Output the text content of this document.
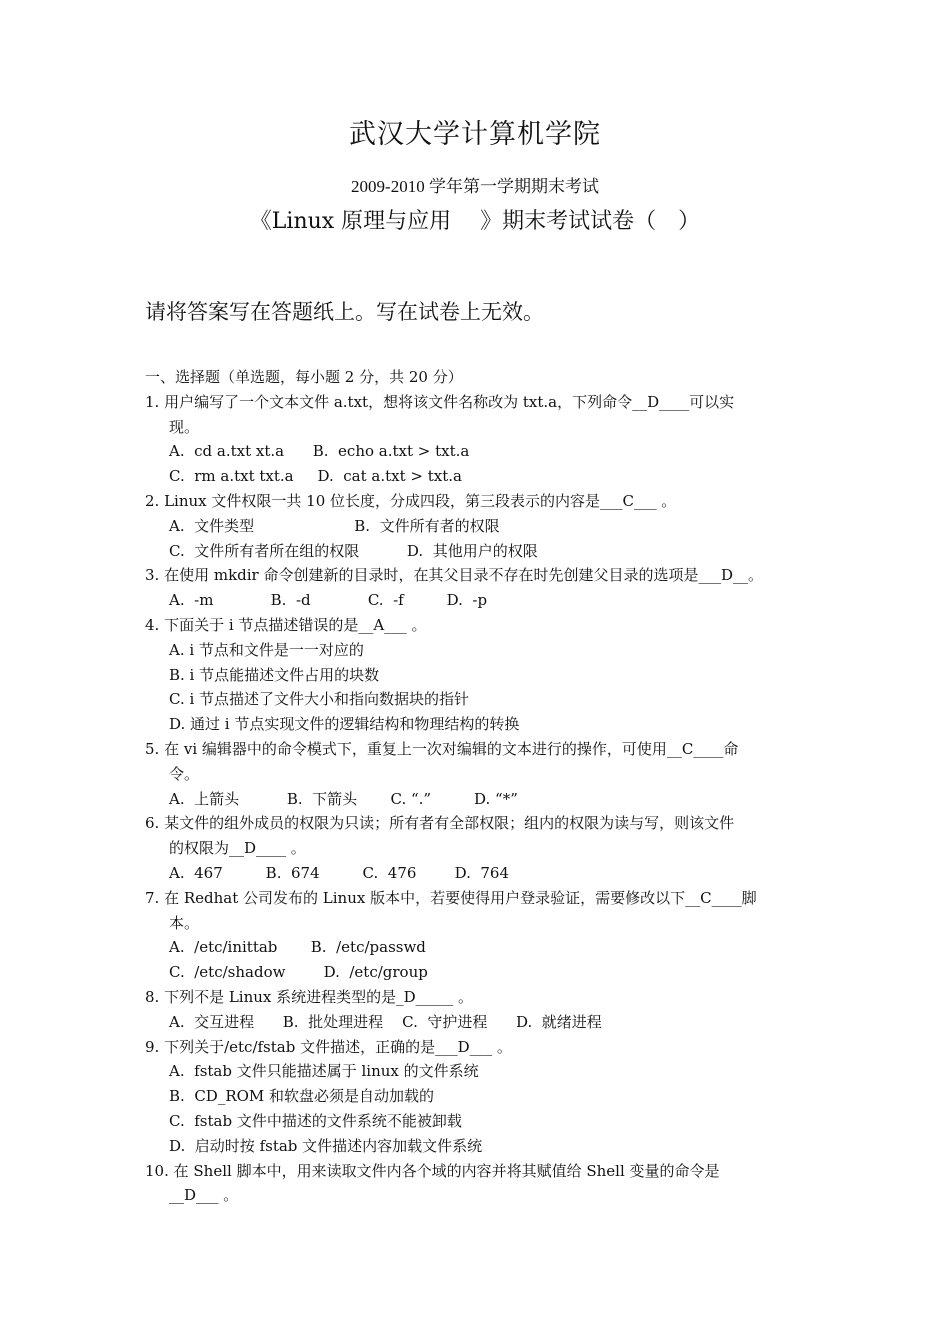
武汉大学计算机学院
2009-2010 学年第一学期期末考试
《Linux 原理与应用　 》期末考试试卷（　）
请将答案写在答题纸上。写在试卷上无效。
一、选择题（单选题，每小题 2 分，共 20 分）
1. 用户编写了一个文本文件 a.txt，想将该文件名称改为 txt.a，下列命令__D____可以实
现。
A.  cd a.txt xt.a      B.  echo a.txt > txt.a
C.  rm a.txt txt.a     D.  cat a.txt > txt.a
2. Linux 文件权限一共 10 位长度，分成四段，第三段表示的内容是___C___ 。
A.  文件类型                     B.  文件所有者的权限
C.  文件所有者所在组的权限          D.  其他用户的权限
3. 在使用 mkdir 命令创建新的目录时，在其父目录不存在时先创建父目录的选项是___D__。
A.  -m            B.  -d            C.  -f         D.  -p
4. 下面关于 i 节点描述错误的是__A___ 。
A. i 节点和文件是一一对应的
B. i 节点能描述文件占用的块数
C. i 节点描述了文件大小和指向数据块的指针
D. 通过 i 节点实现文件的逻辑结构和物理结构的转换
5. 在 vi 编辑器中的命令模式下，重复上一次对编辑的文本进行的操作，可使用__C____命
令。
A.  上箭头          B.  下箭头       C. “.”         D. “*”
6. 某文件的组外成员的权限为只读；所有者有全部权限；组内的权限为读与写，则该文件
的权限为__D____ 。
A.  467         B.  674         C.  476        D.  764
7. 在 Redhat 公司发布的 Linux 版本中，若要使得用户登录验证，需要修改以下__C____脚
本。
A.  /etc/inittab       B.  /etc/passwd
C.  /etc/shadow        D.  /etc/group
8. 下列不是 Linux 系统进程类型的是_D_____ 。
A.  交互进程      B.  批处理进程    C.  守护进程      D.  就绪进程
9. 下列关于/etc/fstab 文件描述，正确的是___D___ 。
A.  fstab 文件只能描述属于 linux 的文件系统
B.  CD_ROM 和软盘必须是自动加载的
C.  fstab 文件中描述的文件系统不能被卸载
D.  启动时按 fstab 文件描述内容加载文件系统
10. 在 Shell 脚本中，用来读取文件内各个域的内容并将其赋值给 Shell 变量的命令是
__D___ 。
